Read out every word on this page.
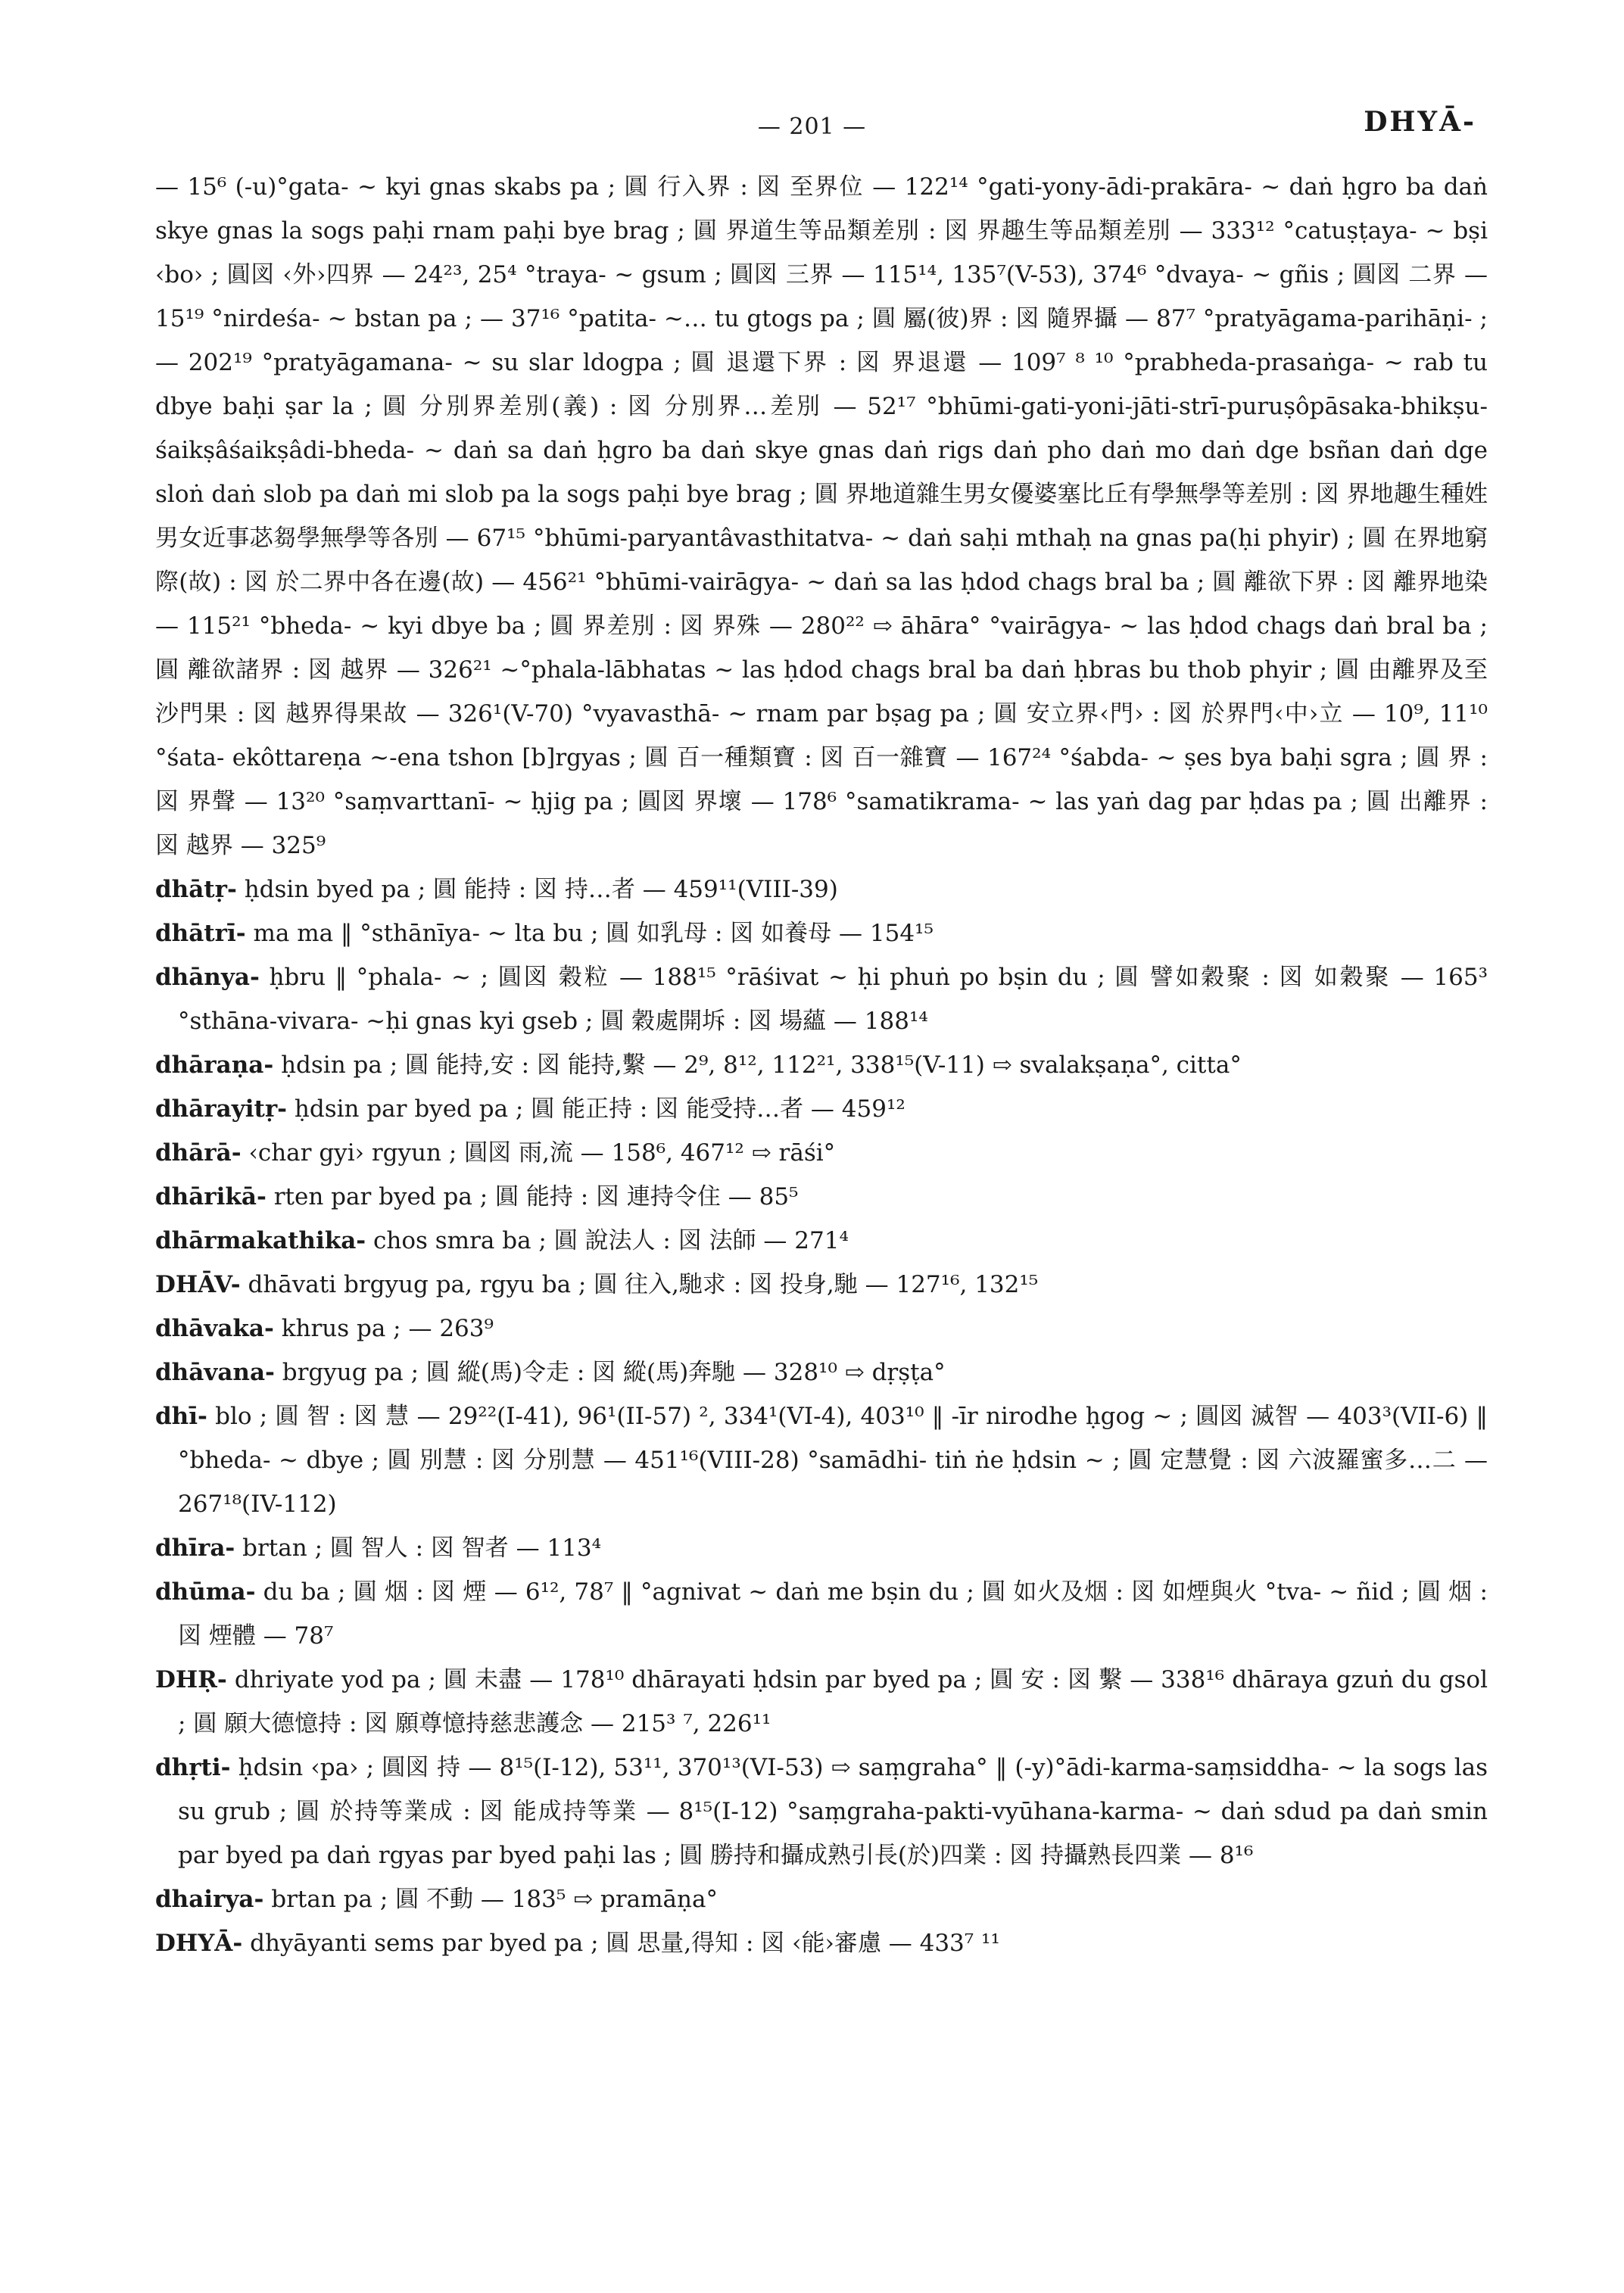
— 201 —	DHYĀ-

— 15⁶ (-u)°gata- ~ kyi gnas skabs pa ; 圓 行入界 : 図 至界位 — 122¹⁴ °gati-yony-ādi-prakāra- ~ daṅ ḥgro ba daṅ skye gnas la sogs paḥi rnam paḥi bye brag ; 圓 界道生等品類差別 : 図 界趣生等品類差別 — 333¹² °catuṣṭaya- ~ bṣi ‹bo› ; 圓図 ‹外›四界 — 24²³, 25⁴ °traya- ~ gsum ; 圓図 三界 — 115¹⁴, 135⁷(V-53), 374⁶ °dvaya- ~ gñis ; 圓図 二界 — 15¹⁹ °nirdeśa- ~ bstan pa ; — 37¹⁶ °patita- ~… tu gtogs pa ; 圓 屬(彼)界 : 図 隨界攝 — 87⁷ °pratyāgama-parihāṇi- ; — 202¹⁹ °pratyāgamana- ~ su slar ldogpa ; 圓 退還下界 : 図 界退還 — 109⁷ ⁸ ¹⁰ °prabheda-prasaṅga- ~ rab tu dbye baḥi ṣar la ; 圓 分別界差別(義) : 図 分別界…差別 — 52¹⁷ °bhūmi-gati-yoni-jāti-strī-puruṣôpāsaka-bhikṣu-śaikṣâśaikṣâdi-bheda- ~ daṅ sa daṅ ḥgro ba daṅ skye gnas daṅ rigs daṅ pho daṅ mo daṅ dge bsñan daṅ dge sloṅ daṅ slob pa daṅ mi slob pa la sogs paḥi bye brag ; 圓 界地道雜生男女優婆塞比丘有學無學等差別 : 図 界地趣生種姓男女近事苾芻學無學等各別 — 67¹⁵ °bhūmi-paryantâvasthitatva- ~ daṅ saḥi mthaḥ na gnas pa(ḥi phyir) ; 圓 在界地窮際(故) : 図 於二界中各在邊(故) — 456²¹ °bhūmi-vairāgya- ~ daṅ sa las ḥdod chags bral ba ; 圓 離欲下界 : 図 離界地染 — 115²¹ °bheda- ~ kyi dbye ba ; 圓 界差別 : 図 界殊 — 280²² ⇨ āhāra° °vairāgya- ~ las ḥdod chags daṅ bral ba ; 圓 離欲諸界 : 図 越界 — 326²¹ ~°phala-lābhatas ~ las ḥdod chags bral ba daṅ ḥbras bu thob phyir ; 圓 由離界及至沙門果 : 図 越界得果故 — 326¹(V-70) °vyavasthā- ~ rnam par bṣag pa ; 圓 安立界‹門› : 図 於界門‹中›立 — 10⁹, 11¹⁰ °śata- ekôttareṇa ~-ena tshon [b]rgyas ; 圓 百一種類寶 : 図 百一雜寶 — 167²⁴ °śabda- ~ ṣes bya baḥi sgra ; 圓 界 : 図 界聲 — 13²⁰ °saṃvarttanī- ~ ḥjig pa ; 圓図 界壞 — 178⁶ °samatikrama- ~ las yaṅ dag par ḥdas pa ; 圓 出離界 : 図 越界 — 325⁹

dhātṛ- ḥdsin byed pa ; 圓 能持 : 図 持…者 — 459¹¹(VIII-39)

dhātrī- ma ma ‖ °sthānīya- ~ lta bu ; 圓 如乳母 : 図 如養母 — 154¹⁵

dhānya- ḥbru ‖ °phala- ~ ; 圓図 穀粒 — 188¹⁵ °rāśivat ~ ḥi phuṅ po bṣin du ; 圓 譬如穀聚 : 図 如穀聚 — 165³ °sthāna-vivara- ~ḥi gnas kyi gseb ; 圓 穀處開坼 : 図 場蘊 — 188¹⁴

dhāraṇa- ḥdsin pa ; 圓 能持,安 : 図 能持,繫 — 2⁹, 8¹², 112²¹, 338¹⁵(V-11) ⇨ svalakṣaṇa°, citta°

dhārayitṛ- ḥdsin par byed pa ; 圓 能正持 : 図 能受持…者 — 459¹²

dhārā- ‹char gyi› rgyun ; 圓図 雨,流 — 158⁶, 467¹² ⇨ rāśi°

dhārikā- rten par byed pa ; 圓 能持 : 図 連持令住 — 85⁵

dhārmakathika- chos smra ba ; 圓 說法人 : 図 法師 — 271⁴

DHĀV- dhāvati brgyug pa, rgyu ba ; 圓 往入,馳求 : 図 投身,馳 — 127¹⁶, 132¹⁵

dhāvaka- khrus pa ; — 263⁹

dhāvana- brgyug pa ; 圓 縱(馬)令走 : 図 縱(馬)奔馳 — 328¹⁰ ⇨ dṛṣṭa°

dhī- blo ; 圓 智 : 図 慧 — 29²²(I-41), 96¹(II-57) ², 334¹(VI-4), 403¹⁰ ‖ -īr nirodhe ḥgog ~ ; 圓図 滅智 — 403³(VII-6) ‖ °bheda- ~ dbye ; 圓 別慧 : 図 分別慧 — 451¹⁶(VIII-28) °samādhi- tiṅ ṅe ḥdsin ~ ; 圓 定慧覺 : 図 六波羅蜜多…二 — 267¹⁸(IV-112)

dhīra- brtan ; 圓 智人 : 図 智者 — 113⁴

dhūma- du ba ; 圓 烟 : 図 煙 — 6¹², 78⁷ ‖ °agnivat ~ daṅ me bṣin du ; 圓 如火及烟 : 図 如煙與火 °tva- ~ ñid ; 圓 烟 : 図 煙體 — 78⁷

DHṚ- dhriyate yod pa ; 圓 未盡 — 178¹⁰ dhārayati ḥdsin par byed pa ; 圓 安 : 図 繫 — 338¹⁶ dhāraya gzuṅ du gsol ; 圓 願大德憶持 : 図 願尊憶持慈悲護念 — 215³ ⁷, 226¹¹

dhṛti- ḥdsin ‹pa› ; 圓図 持 — 8¹⁵(I-12), 53¹¹, 370¹³(VI-53) ⇨ saṃgraha° ‖ (-y)°ādi-karma-saṃsiddha- ~ la sogs las su grub ; 圓 於持等業成 : 図 能成持等業 — 8¹⁵(I-12) °saṃgraha-pakti-vyūhana-karma- ~ daṅ sdud pa daṅ smin par byed pa daṅ rgyas par byed paḥi las ; 圓 勝持和攝成熟引長(於)四業 : 図 持攝熟長四業 — 8¹⁶

dhairya- brtan pa ; 圓 不動 — 183⁵ ⇨ pramāṇa°

DHYĀ- dhyāyanti sems par byed pa ; 圓 思量,得知 : 図 ‹能›審慮 — 433⁷ ¹¹
